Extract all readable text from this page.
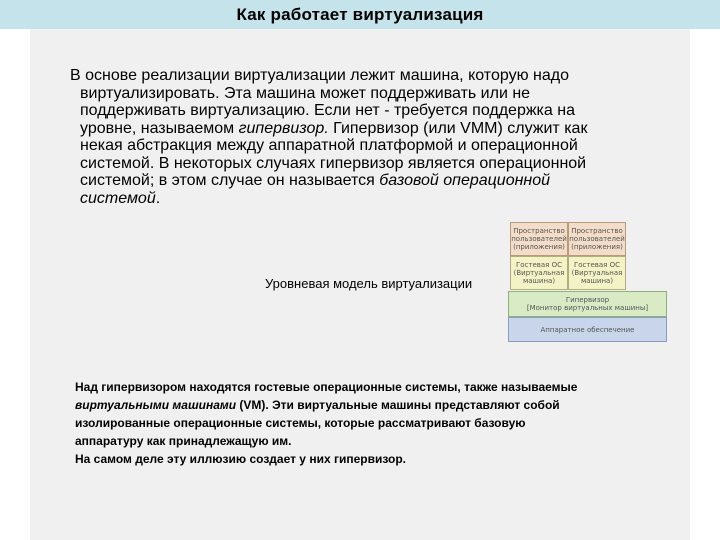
Как работает виртуализация

В основе реализации виртуализации лежит машина, которую надо
виртуализировать. Эта машина может поддерживать или не
поддерживать виртуализацию. Если нет - требуется поддержка на
уровне, называемом гипервизор. Гипервизор (или VMM) служит как
некая абстракция между аппаратной платформой и операционной
системой. В некоторых случаях гипервизор является операционной
системой; в этом случае он называется базовой операционной
системой.

Уровневая модель виртуализации
Пространство
пользователей
(приложения)
Пространство
пользователей
(приложения)
Гостевая ОС
(Виртуальная
машина)
Гостевая ОС
(Виртуальная
машина)
Гипервизор
[Монитор виртуальных машины]
Аппаратное обеспечение

Над гипервизором находятся гостевые операционные системы, также называемые

виртуальными машинами (VM). Эти виртуальные машины представляют собой

изолированные операционные системы, которые рассматривают базовую

аппаратуру как принадлежащую им.

На самом деле эту иллюзию создает у них гипервизор.
